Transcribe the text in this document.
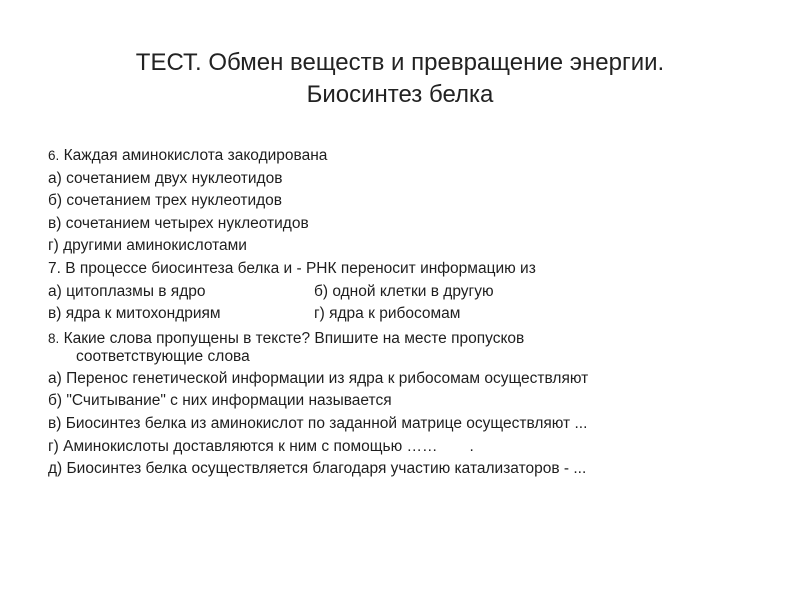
ТЕСТ. Обмен веществ и превращение энергии.
Биосинтез белка
6. Каждая аминокислота закодирована
а) сочетанием двух нуклеотидов
б) сочетанием трех нуклеотидов
в) сочетанием четырех нуклеотидов
г) другими аминокислотами
7. В процессе биосинтеза белка и - РНК переносит информацию из
а) цитоплазмы в ядро	б) одной клетки в другую
в) ядра к митохондриям	г) ядра к рибосомам
8. Какие слова пропущены в тексте? Впишите на месте пропусков
соответствующие слова
а) Перенос генетической информации из ядра к рибосомам осуществляют
б) "Считывание" с них информации называется
в) Биосинтез белка из аминокислот по заданной матрице осуществляют ...
г) Аминокислоты доставляются к ним с помощью …… .
д) Биосинтез белка осуществляется благодаря участию катализаторов - ...
